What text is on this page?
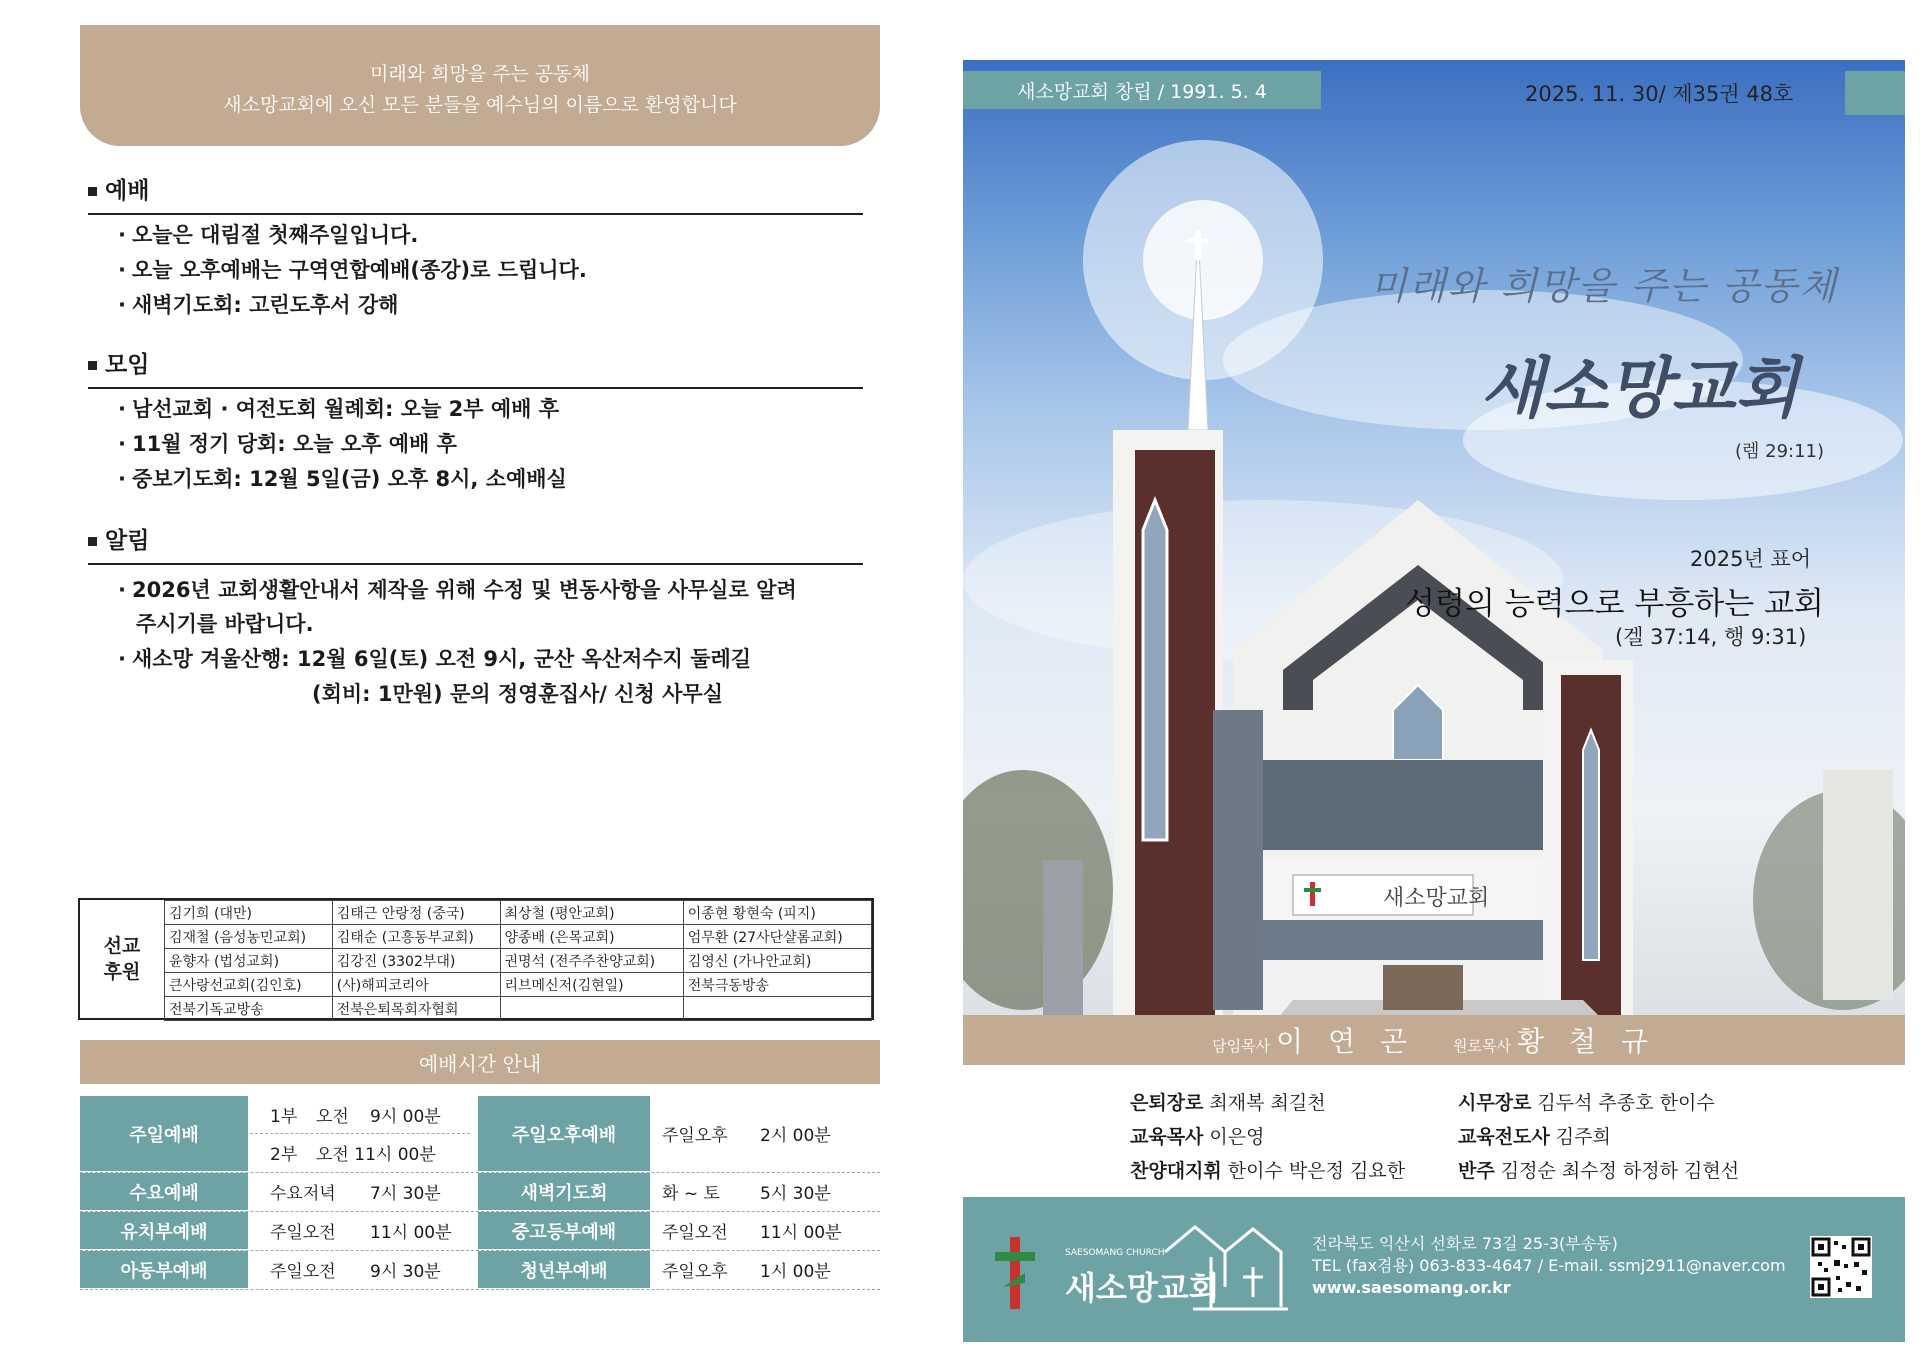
미래와 희망을 주는 공동체
새소망교회에 오신 모든 분들을 예수님의 이름으로 환영합니다
예배
· 오늘은 대림절 첫째주일입니다.
· 오늘 오후예배는 구역연합예배(종강)로 드립니다.
· 새벽기도회: 고린도후서 강해
모임
· 남선교회 · 여전도회 월례회: 오늘 2부 예배 후
· 11월 정기 당회: 오늘 오후 예배 후
· 중보기도회: 12월 5일(금) 오후 8시, 소예배실
알림
· 2026년 교회생활안내서 제작을 위해 수정 및 변동사항을 사무실로 알려
주시기를 바랍니다.
· 새소망 겨울산행: 12월 6일(토) 오전 9시, 군산 옥산저수지 둘레길
(회비: 1만원) 문의 정영훈집사/ 신청 사무실
선교
후원
김기희 (대만)	김태근 안랑정 (중국)	최상철 (평안교회)	이종현 황현숙 (피지)
김재철 (음성농민교회)	김태순 (고흥동부교회)	양종배 (은목교회)	엄무환 (27사단샬롬교회)
윤향자 (법성교회)	김강진 (3302부대)	권명석 (전주주찬양교회)	김영신 (가나안교회)
큰사랑선교회(김인호)	(사)해피코리아	리브메신저(김현일)	전북극동방송
전북기독교방송	전북은퇴목회자협회		
예배시간 안내
주일예배
1부 오전 9시 00분
2부 오전 11시 00분
주일오후예배	주일오후 2시 00분
수요예배	수요저녁 7시 30분	새벽기도회	화 ~ 토 5시 30분
유치부예배	주일오전 11시 00분	중고등부예배	주일오전 11시 00분
아동부예배	주일오전 9시 30분	청년부예배	주일오후 1시 00분
새소망교회
새소망교회 창립 / 1991. 5. 4	2025. 11. 30/ 제35권 48호
미래와 희망을 주는 공동체
새소망교회
(렘 29:11)
2025년 표어
성령의 능력으로 부흥하는 교회
(겔 37:14, 행 9:31)
담임목사 이 연 곤	원로목사 황 철 규
은퇴장로 최재복 최길천	시무장로 김두석 추종호 한이수
교육목사 이은영	교육전도사 김주희
찬양대지휘 한이수 박은정 김요한	반주 김정순 최수정 하정하 김현선
SAESOMANG CHURCH
새소망교회
전라북도 익산시 선화로 73길 25-3(부송동)
TEL (fax겸용) 063-833-4647 / E-mail. ssmj2911@naver.com
www.saesomang.or.kr
